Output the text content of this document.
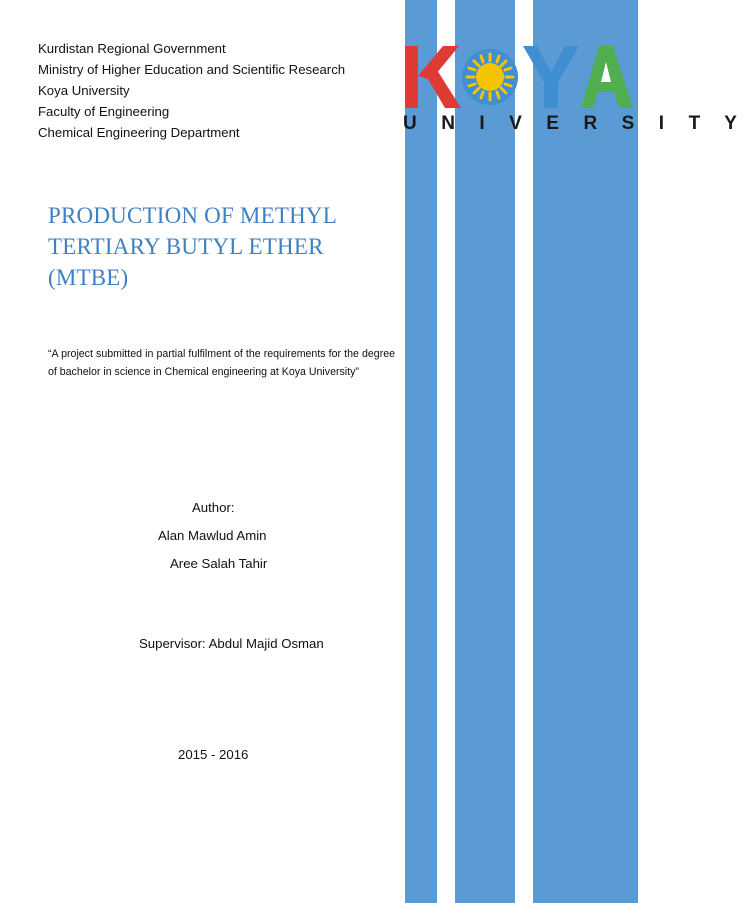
U N I V E R S I T Y
Kurdistan Regional Government
Ministry of Higher Education and Scientific Research
Koya University
Faculty of Engineering
Chemical Engineering Department
PRODUCTION OF METHYL
TERTIARY BUTYL ETHER
(MTBE)

“A project submitted in partial fulfilment of the requirements for the degree of bachelor in science in Chemical engineering at Koya University”

Author:
Alan Mawlud Amin
Aree Salah Tahir
Supervisor: Abdul Majid Osman
2015 - 2016
